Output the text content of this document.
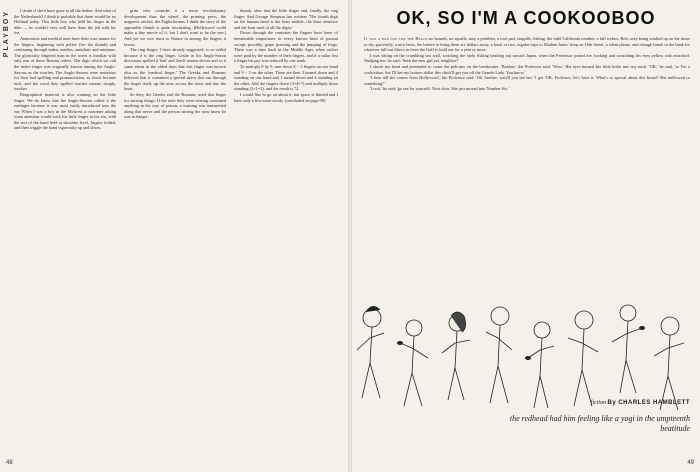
PLAYBOY	I doubt if she'd have gone to all the bother. And what of the Netherlands? I think it probable that there would be no Holland today. This little boy who held his finger in the dike — he couldn't very well have done the job with his toe.

Anatomists and medical men have their own names for the fingers, beginning with pollex (for the thumb) and continuing through index, medius, annularis and minimus. The gloriously fingered man in the street is familiar with only one of these Roman orders. The digit which we call the index finger was originally known among the Anglo-Saxons as the toucher. The Anglo-Saxons were notorious for their bad spelling and pronunciation, so touch became tuch, and the word they spelled toucher means, simply, toucher.

Biographical material is also wanting on the little finger. We do know that the Anglo-Saxons called it the earfinger because it was most easily introduced into the ear. When I was a boy in the Midwest a customer asking scant attention would stick his little finger in his ear, with the rest of the hand held at shoulder level, fingers folded, and then wiggle the hand vigorously up and down.

grim who consider it a more revolutionary development than the wheel, the printing press, the magnetic ratchet, the Fuglerformus. I think the story of the opposable thumb is quite fascinating. (Hollywood could make a fine movie of it, but I don't want to be the one.) And yet we owe most to Nature in among the fingers it favors.

The ring finger, I have already suggested, is so-called because it is the ring finger. Leslie in his Anglo-Saxon dictionary spelled it 'bait' and 'leech' means doctor and so it came about in the olden days that this finger was known also as the 'medical finger.' The Greeks and Romans believed that it contained a special nerve that ran through the finger itself, up the arm, across the chest and into the heart.

So they, the Greeks and the Romans, used that finger for stirring things. If the stew they were stirring contained anything in the way of poison, a warning was transmitted along that nerve and the person stirring the stew knew he was in danger.

thumb, after that the little finger and, finally, the ring finger. And George Simpson has written: 'The fourth digit on the human hand is the least mobile, the least sensitive and the least used of all the digits.'

Down through the centuries the fingers have been of inestimable importance in every known kind of pursuit except, possibly, grape pressing and the jumping of frogs. There was a time back in the Middle Ages when sailors were paid by the number of their fingers, and if a sailor lost a finger his pay was reduced by one tenth.

To multiply 8 by 9, turn down 8 − 5 fingers on one hand and 9 − 5 on the other. There are then 3 turned down and 4 standing on one hand and 1 turned down and 4 standing on the other. Add the fingers down (3+4=7) and multiply those standing (2×1=2), and the result is 72.

I would like to go on about it, but space is limited and I have only a few more words. (concluded on page 99)

48
OK, SO I'M A COOKOOBOO

It was a bad day for the Beach no hounds, no squalls, nary a problem, a cool pad, seagulls, fishing, the mild California weather, a full icebox, Bob, sexy being washed up on the shore to dry gracefully, a nice brew, the breeze to bring them six dollars away, a book or two, regular trips to Madam Jones' shop on 16th Street, a silent phone, and enough beads in the bank for whatever fall-out blows in from the Gulf to hold out for a year or more.

I was sitting on the crumbling sea wall, watching the early fishing heading out toward Japan, when the Professor joined me, looking and scratching his eyes yellow with mischief. Nudging me, he said: 'Seen the new girl yet, neighbor?'

I shook my head and pretended to count the pelicans on the breakwater. 'Brother,' the Professor said. 'Wow.' His eyes burned her little holes into my neck. 'OK,' he said, 'so I'm a cookooboo, but I'll bet my bottom dollar this chick'll get you off the Grande Lady. You know.'

'I hear tell she comes from Hollywood,' the Professor said. 'Oh, brother, wait'll you see her.' I got 'OK, Professor, let's have it. What's so special about this broad? She mellowed or something?'

'Look,' he said, 'go see for yourself. Next door. She just moved into Number Six.'

fiction By CHARLES HAMBLETT
the redhead had him feeling like a yogi in the umpteenth beatitude
49
